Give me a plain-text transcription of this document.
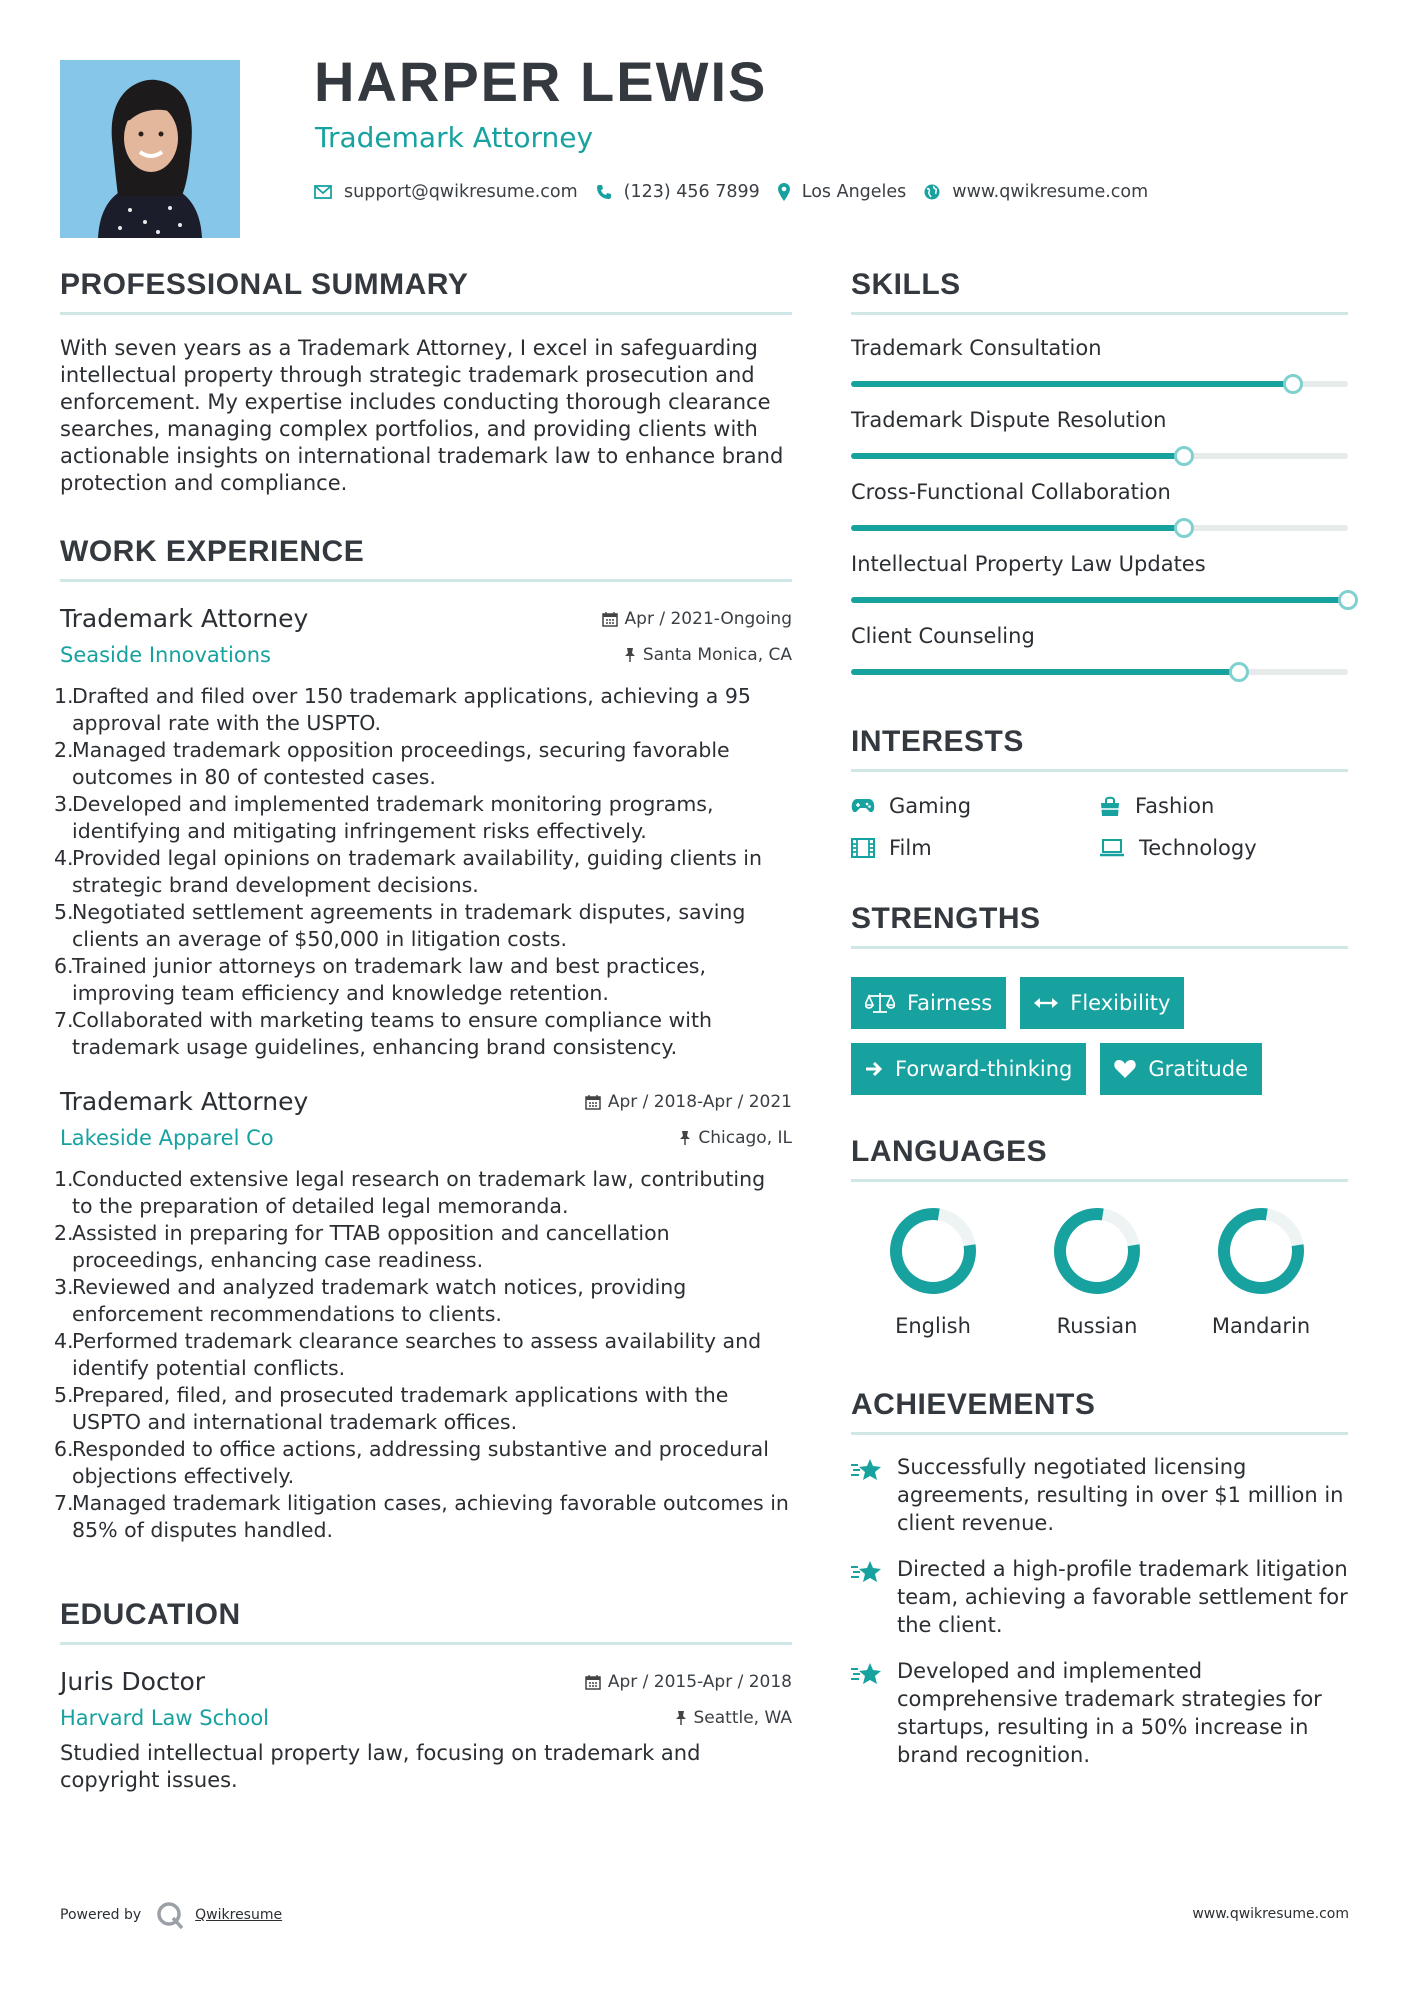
HARPER LEWIS
Trademark Attorney
support@qwikresume.com	(123) 456 7899 Los Angeles	www.qwikresume.com
PROFESSIONAL SUMMARY

With seven years as a Trademark Attorney, I excel in safeguarding intellectual property through strategic trademark prosecution and enforcement. My expertise includes conducting thorough clearance searches, managing complex portfolios, and providing clients with actionable insights on international trademark law to enhance brand protection and compliance.

WORK EXPERIENCE
Trademark Attorney	Apr / 2021-Ongoing
Seaside Innovations	Santa Monica, CA
1.
Drafted and filed over 150 trademark applications, achieving a 95 approval rate with the USPTO.
2.
Managed trademark opposition proceedings, securing favorable outcomes in 80 of contested cases.
3.
Developed and implemented trademark monitoring programs, identifying and mitigating infringement risks effectively.
4.
Provided legal opinions on trademark availability, guiding clients in strategic brand development decisions.
5.
Negotiated settlement agreements in trademark disputes, saving clients an average of $50,000 in litigation costs.
6.
Trained junior attorneys on trademark law and best practices, improving team efficiency and knowledge retention.
7.
Collaborated with marketing teams to ensure compliance with trademark usage guidelines, enhancing brand consistency.
Trademark Attorney	Apr / 2018-Apr / 2021
Lakeside Apparel Co	Chicago, IL
1.
Conducted extensive legal research on trademark law, contributing to the preparation of detailed legal memoranda.
2.
Assisted in preparing for TTAB opposition and cancellation proceedings, enhancing case readiness.
3.
Reviewed and analyzed trademark watch notices, providing enforcement recommendations to clients.
4.
Performed trademark clearance searches to assess availability and identify potential conflicts.
5.
Prepared, filed, and prosecuted trademark applications with the USPTO and international trademark offices.
6.
Responded to office actions, addressing substantive and procedural objections effectively.
7.
Managed trademark litigation cases, achieving favorable outcomes in 85% of disputes handled.
EDUCATION
Juris Doctor	Apr / 2015-Apr / 2018
Harvard Law School	Seattle, WA

Studied intellectual property law, focusing on trademark and copyright issues.

SKILLS
Trademark Consultation
Trademark Dispute Resolution
Cross-Functional Collaboration
Intellectual Property Law Updates
Client Counseling
INTERESTS
Gaming	Fashion
Film	Technology
STRENGTHS
Fairness	Flexibility
Forward-thinking	Gratitude
LANGUAGES
English	Russian	Mandarin
ACHIEVEMENTS
Successfully negotiated licensing agreements, resulting in over $1 million in client revenue.
Directed a high-profile trademark litigation team, achieving a favorable settlement for the client.
Developed and implemented comprehensive trademark strategies for startups, resulting in a 50% increase in brand recognition.
Powered by	Qwikresume	www.qwikresume.com
